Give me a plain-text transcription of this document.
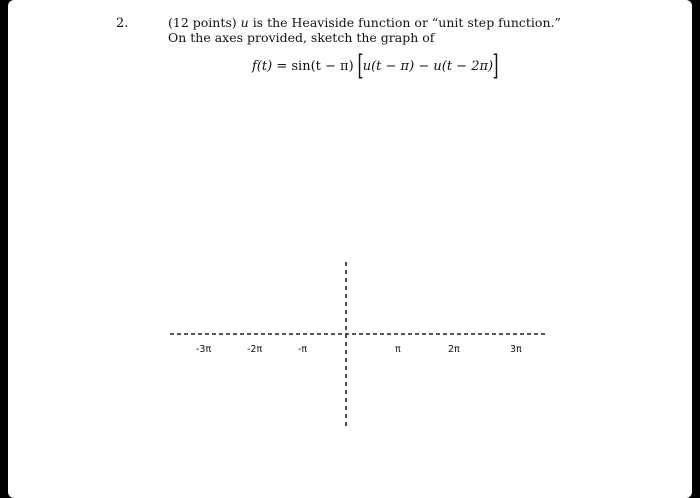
2.	(12 points) u is the Heaviside function or “unit step function.”
On the axes provided, sketch the graph of
f(t)
=
sin(t − π)
[ u(t − π)
−
u(t − 2π) ]
-3π	-2π	-π	π	2π	3π
